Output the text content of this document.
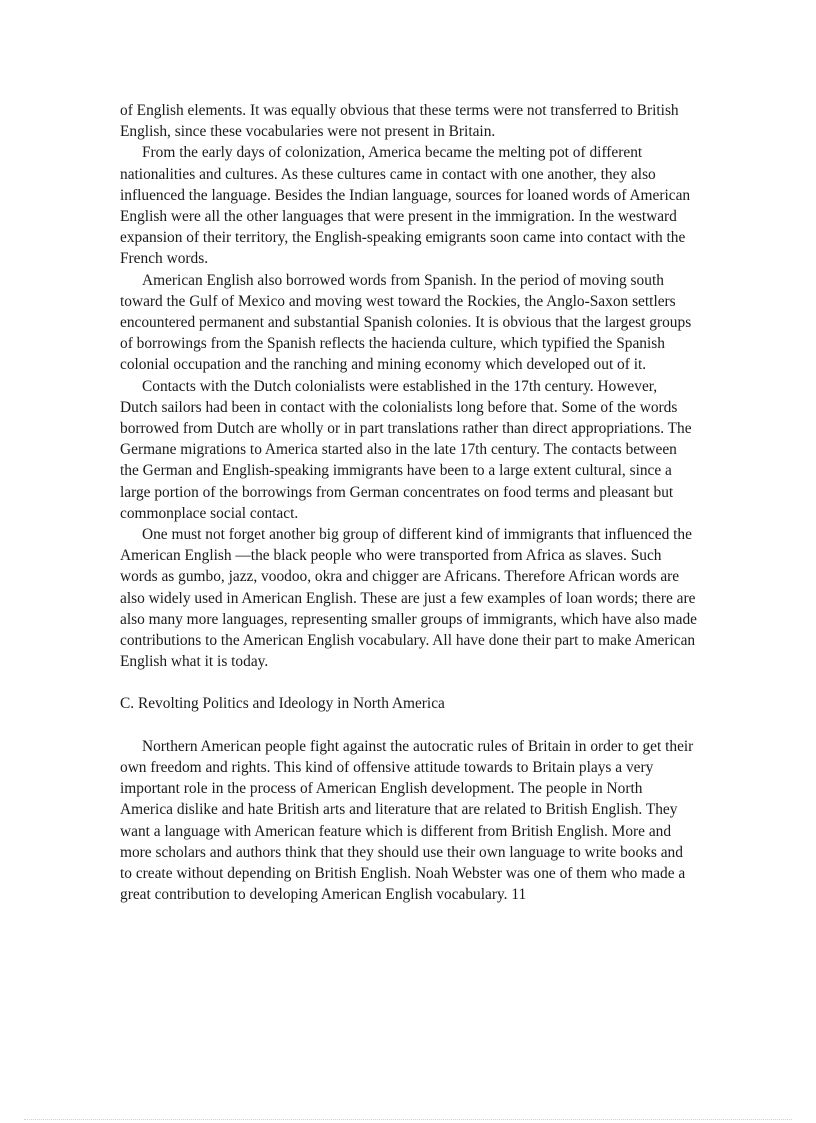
of English elements. It was equally obvious that these terms were not transferred to British English, since these vocabularies were not present in Britain.

From the early days of colonization, America became the melting pot of different nationalities and cultures. As these cultures came in contact with one another, they also influenced the language. Besides the Indian language, sources for loaned words of American English were all the other languages that were present in the immigration. In the westward expansion of their territory, the English-speaking emigrants soon came into contact with the French words.

American English also borrowed words from Spanish. In the period of moving south toward the Gulf of Mexico and moving west toward the Rockies, the Anglo-Saxon settlers encountered permanent and substantial Spanish colonies. It is obvious that the largest groups of borrowings from the Spanish reflects the hacienda culture, which typified the Spanish colonial occupation and the ranching and mining economy which developed out of it.

Contacts with the Dutch colonialists were established in the 17th century. However, Dutch sailors had been in contact with the colonialists long before that. Some of the words borrowed from Dutch are wholly or in part translations rather than direct appropriations. The Germane migrations to America started also in the late 17th century. The contacts between the German and English-speaking immigrants have been to a large extent cultural, since a large portion of the borrowings from German concentrates on food terms and pleasant but commonplace social contact.

One must not forget another big group of different kind of immigrants that influenced the American English —the black people who were transported from Africa as slaves. Such words as gumbo, jazz, voodoo, okra and chigger are Africans. Therefore African words are also widely used in American English. These are just a few examples of loan words; there are also many more languages, representing smaller groups of immigrants, which have also made contributions to the American English vocabulary. All have done their part to make American English what it is today.

C. Revolting Politics and Ideology in North America

Northern American people fight against the autocratic rules of Britain in order to get their own freedom and rights. This kind of offensive attitude towards to Britain plays a very important role in the process of American English development. The people in North America dislike and hate British arts and literature that are related to British English. They want a language with American feature which is different from British English. More and more scholars and authors think that they should use their own language to write books and to create without depending on British English. Noah Webster was one of them who made a great contribution to developing American English vocabulary. 11
